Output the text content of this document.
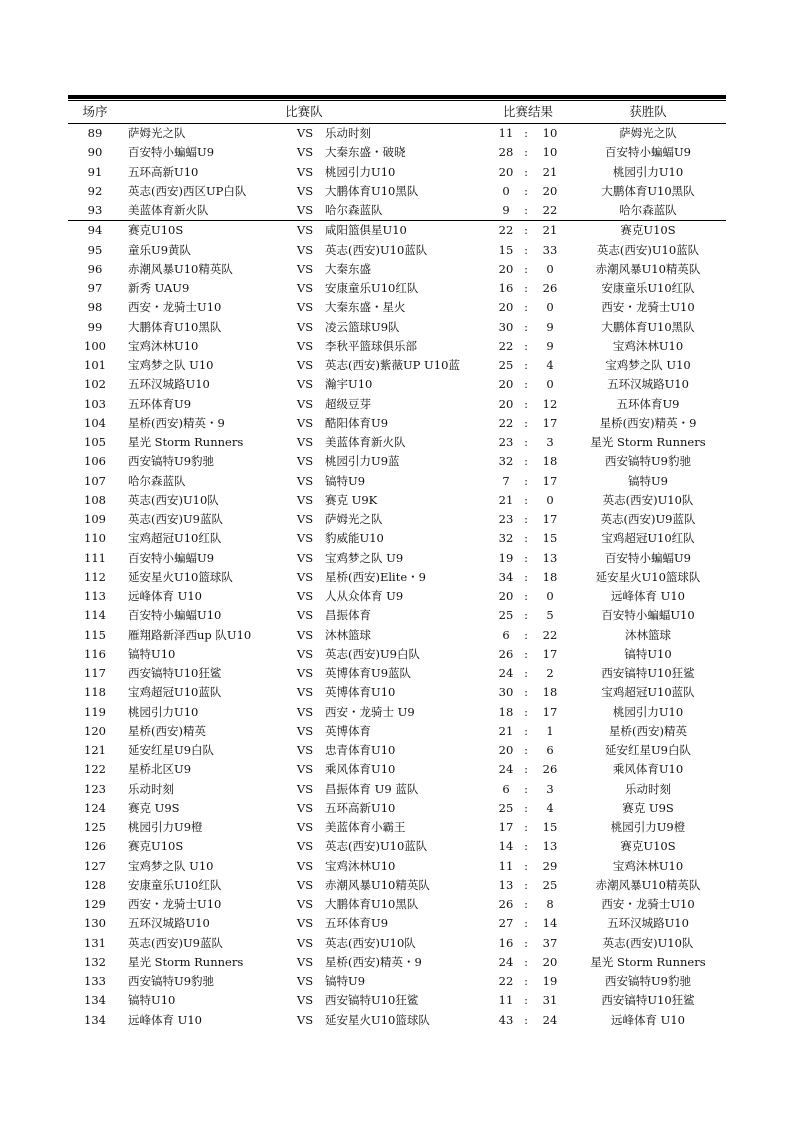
场序	比赛队	比赛结果	获胜队
89	萨姆光之队	VS	乐动时刻	11 :	10	萨姆光之队
90	百安特小蝙蝠U9	VS	大秦东盛・破晓	28 :	10	百安特小蝙蝠U9
91	五环高新U10	VS	桃园引力U10	20 :	21	桃园引力U10
92	英志(西安)西区UP白队	VS	大鹏体育U10黑队	0	:	20	大鹏体育U10黑队
93	美蓝体育新火队	VS	哈尔森蓝队	9	:	22	哈尔森蓝队
94	赛克U10S	VS	咸阳篮俱星U10	22 :	21	赛克U10S
95	童乐U9黄队	VS	英志(西安)U10蓝队	15 :	33	英志(西安)U10蓝队
96	赤潮风暴U10精英队	VS	大秦东盛	20 :	0	赤潮风暴U10精英队
97	新秀 UAU9	VS	安康童乐U10红队	16 :	26	安康童乐U10红队
98	西安・龙骑士U10	VS	大秦东盛・星火	20 :	0	西安・龙骑士U10
99	大鹏体育U10黑队	VS	凌云篮球U9队	30 :	9	大鹏体育U10黑队
100	宝鸡沐林U10	VS	李秋平篮球俱乐部	22 :	9	宝鸡沐林U10
101	宝鸡梦之队 U10	VS	英志(西安)紫薇UP U10蓝	25 :	4	宝鸡梦之队 U10
102	五环汉城路U10	VS	瀚宇U10	20 :	0	五环汉城路U10
103	五环体育U9	VS	超级豆芽	20 :	12	五环体育U9
104	星桥(西安)精英・9	VS	酷阳体育U9	22 :	17	星桥(西安)精英・9
105	星光 Storm Runners	VS	美蓝体育新火队	23 :	3	星光 Storm Runners
106	西安镐特U9豹驰	VS	桃园引力U9蓝	32 :	18	西安镐特U9豹驰
107	哈尔森蓝队	VS	镐特U9	7	:	17	镐特U9
108	英志(西安)U10队	VS	赛克 U9K	21 :	0	英志(西安)U10队
109	英志(西安)U9蓝队	VS	萨姆光之队	23 :	17	英志(西安)U9蓝队
110	宝鸡超冠U10红队	VS	豹威能U10	32 :	15	宝鸡超冠U10红队
111	百安特小蝙蝠U9	VS	宝鸡梦之队 U9	19 :	13	百安特小蝙蝠U9
112	延安星火U10篮球队	VS	星桥(西安)Elite・9	34 :	18	延安星火U10篮球队
113	远峰体育 U10	VS	人从众体育 U9	20 :	0	远峰体育 U10
114	百安特小蝙蝠U10	VS	昌振体育	25 :	5	百安特小蝙蝠U10
115	雁翔路新泽西up 队U10	VS	沐林篮球	6	:	22	沐林篮球
116	镐特U10	VS	英志(西安)U9白队	26 :	17	镐特U10
117	西安镐特U10狂鲨	VS	英博体育U9蓝队	24 :	2	西安镐特U10狂鲨
118	宝鸡超冠U10蓝队	VS	英博体育U10	30 :	18	宝鸡超冠U10蓝队
119	桃园引力U10	VS	西安・龙骑士 U9	18 :	17	桃园引力U10
120	星桥(西安)精英	VS	英博体育	21 :	1	星桥(西安)精英
121	延安红星U9白队	VS	忠青体育U10	20 :	6	延安红星U9白队
122	星桥北区U9	VS	乘风体育U10	24 :	26	乘风体育U10
123	乐动时刻	VS	昌振体育 U9 蓝队	6	:	3	乐动时刻
124	赛克 U9S	VS	五环高新U10	25 :	4	赛克 U9S
125	桃园引力U9橙	VS	美蓝体育小霸王	17 :	15	桃园引力U9橙
126	赛克U10S	VS	英志(西安)U10蓝队	14 :	13	赛克U10S
127	宝鸡梦之队 U10	VS	宝鸡沐林U10	11 :	29	宝鸡沐林U10
128	安康童乐U10红队	VS	赤潮风暴U10精英队	13 :	25	赤潮风暴U10精英队
129	西安・龙骑士U10	VS	大鹏体育U10黑队	26 :	8	西安・龙骑士U10
130	五环汉城路U10	VS	五环体育U9	27 :	14	五环汉城路U10
131	英志(西安)U9蓝队	VS	英志(西安)U10队	16 :	37	英志(西安)U10队
132	星光 Storm Runners	VS	星桥(西安)精英・9	24 :	20	星光 Storm Runners
133	西安镐特U9豹驰	VS	镐特U9	22 :	19	西安镐特U9豹驰
134	镐特U10	VS	西安镐特U10狂鲨	11 :	31	西安镐特U10狂鲨
134	远峰体育 U10	VS	延安星火U10篮球队	43 :	24	远峰体育 U10
